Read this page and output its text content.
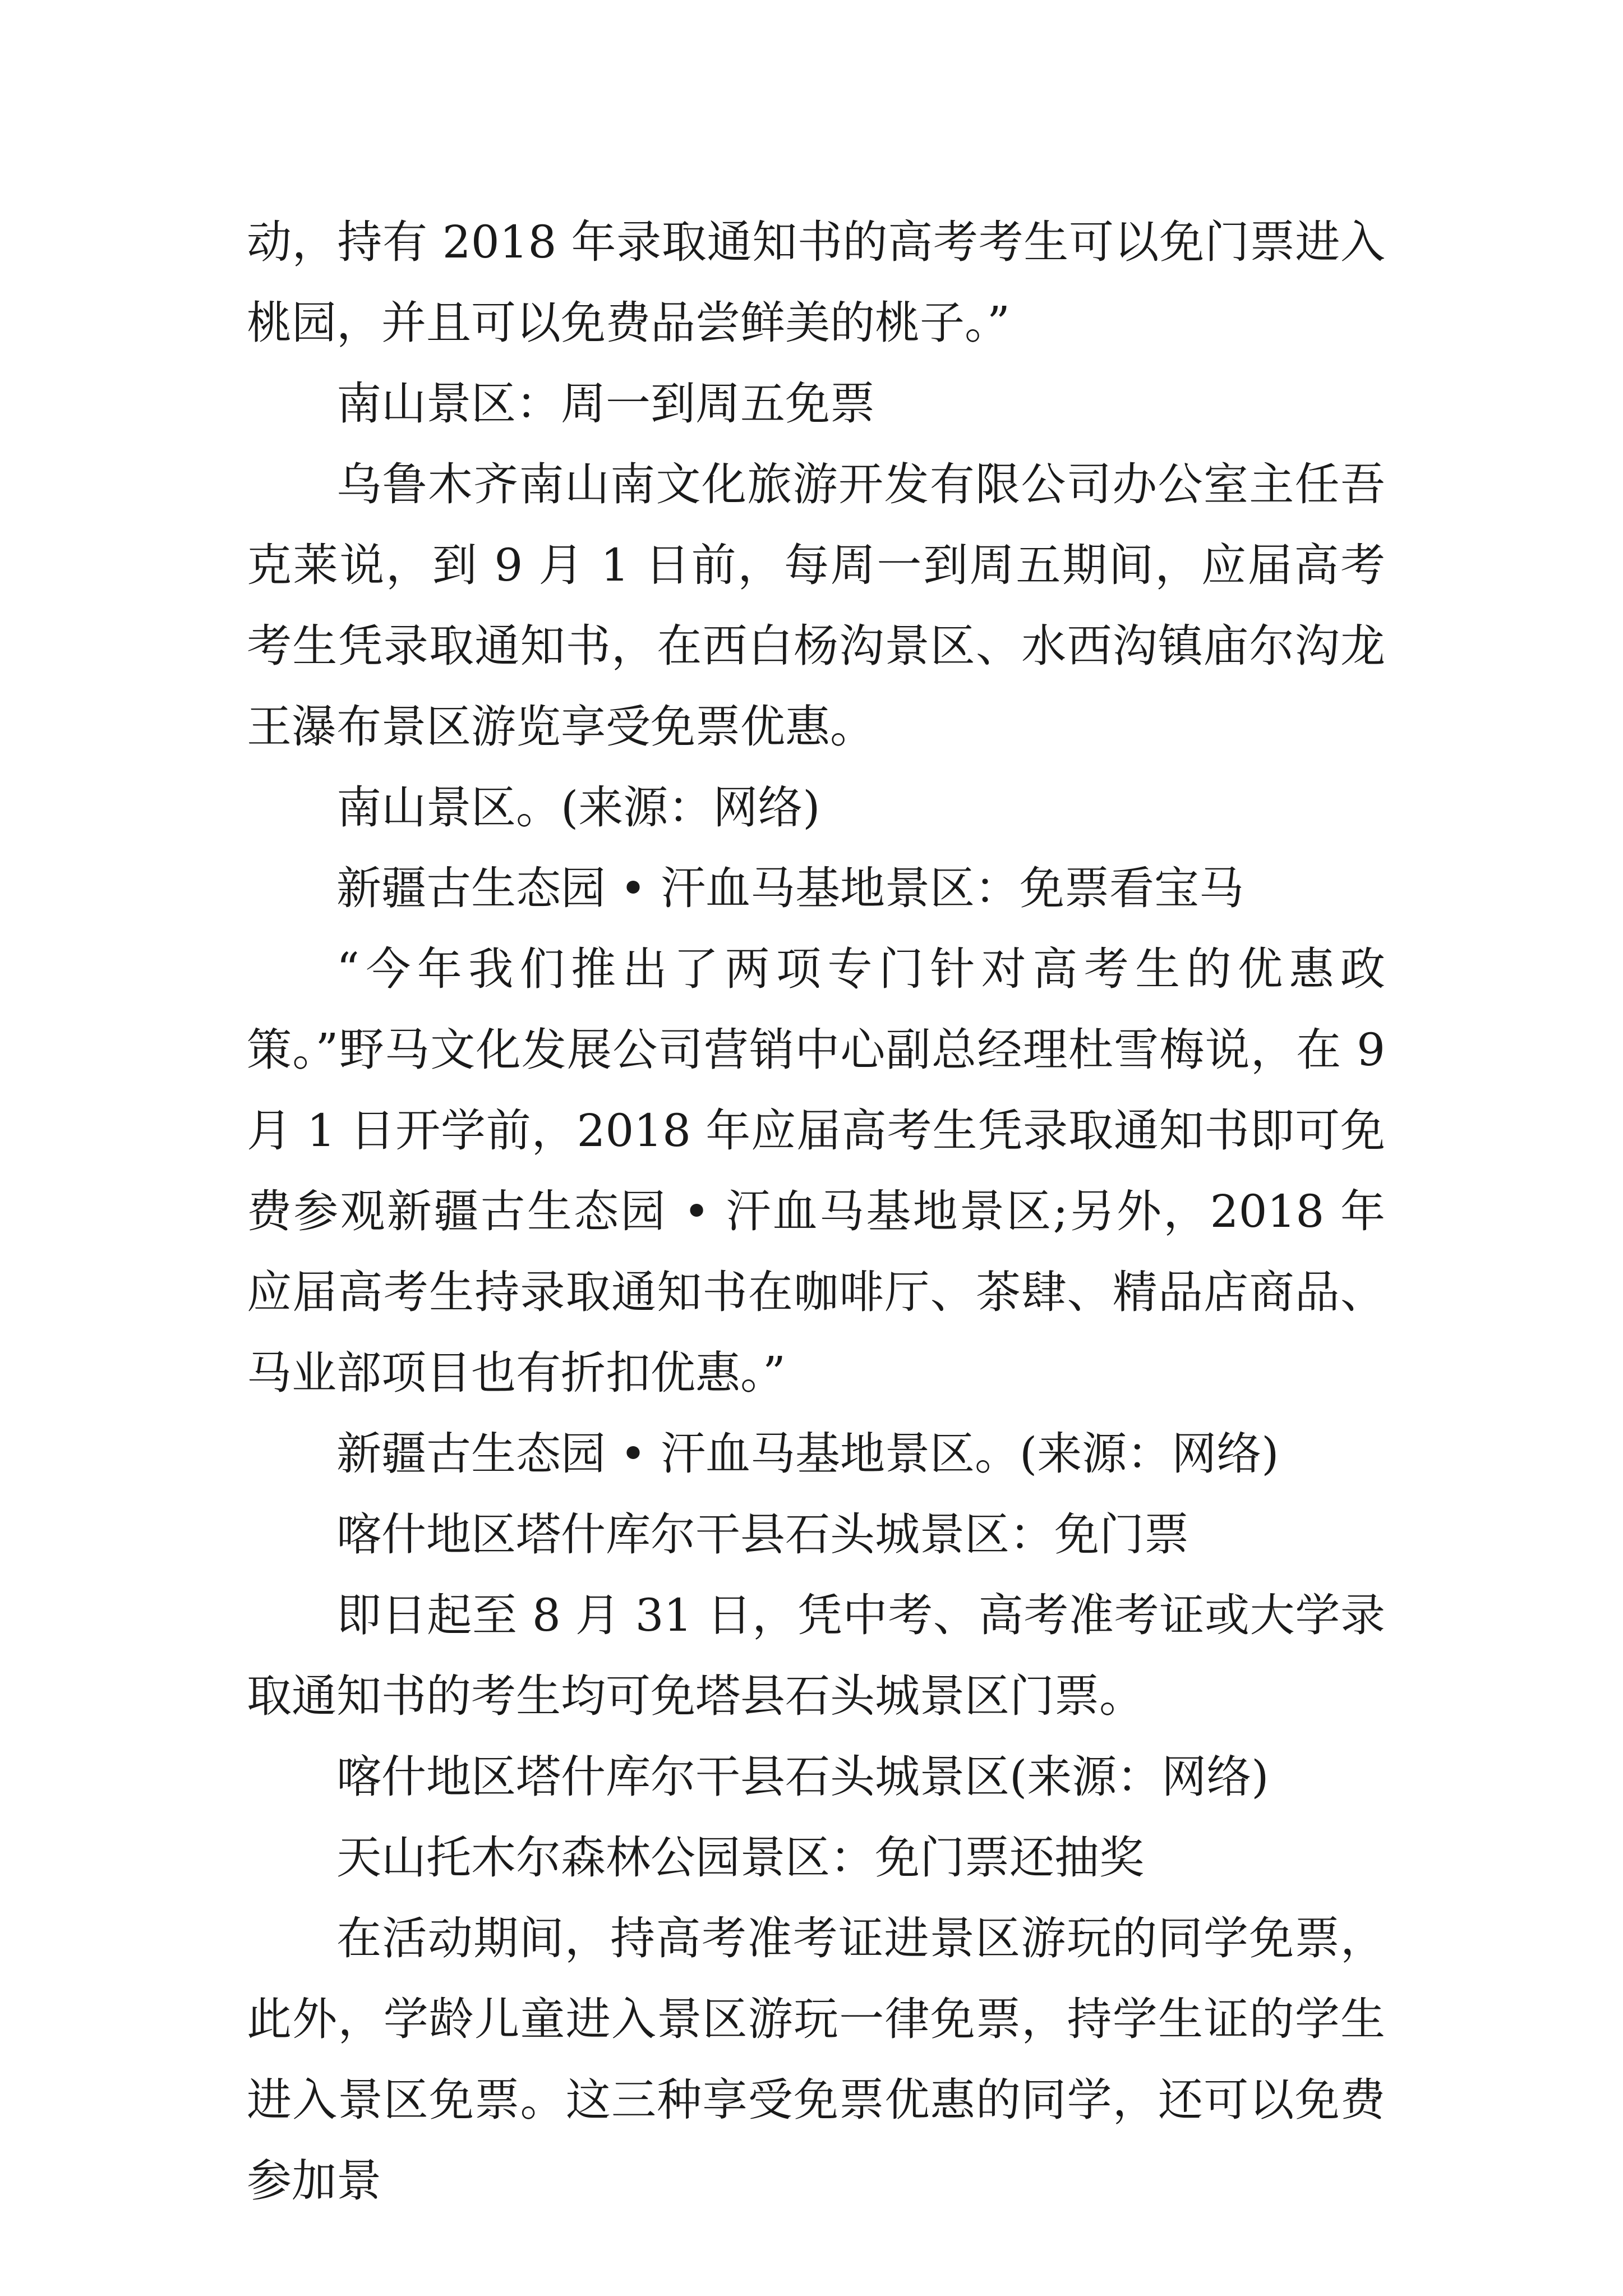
动，持有 2018 年录取通知书的高考考生可以免门票进入桃园，并且可以免费品尝鲜美的桃子。”

南山景区：周一到周五免票

乌鲁木齐南山南文化旅游开发有限公司办公室主任吾克莱说，到 9 月 1 日前，每周一到周五期间，应届高考考生凭录取通知书，在西白杨沟景区、水西沟镇庙尔沟龙王瀑布景区游览享受免票优惠。

南山景区。(来源：网络)

新疆古生态园 • 汗血马基地景区：免票看宝马

“今年我们推出了两项专门针对高考生的优惠政策。”野马文化发展公司营销中心副总经理杜雪梅说，在 9 月 1 日开学前，2018 年应届高考生凭录取通知书即可免费参观新疆古生态园 • 汗血马基地景区;另外，2018 年应届高考生持录取通知书在咖啡厅、茶肆、精品店商品、马业部项目也有折扣优惠。”

新疆古生态园 • 汗血马基地景区。(来源：网络)

喀什地区塔什库尔干县石头城景区：免门票

即日起至 8 月 31 日，凭中考、高考准考证或大学录取通知书的考生均可免塔县石头城景区门票。

喀什地区塔什库尔干县石头城景区(来源：网络)

天山托木尔森林公园景区：免门票还抽奖

在活动期间，持高考准考证进景区游玩的同学免票，此外，学龄儿童进入景区游玩一律免票，持学生证的学生进入景区免票。这三种享受免票优惠的同学，还可以免费参加景
